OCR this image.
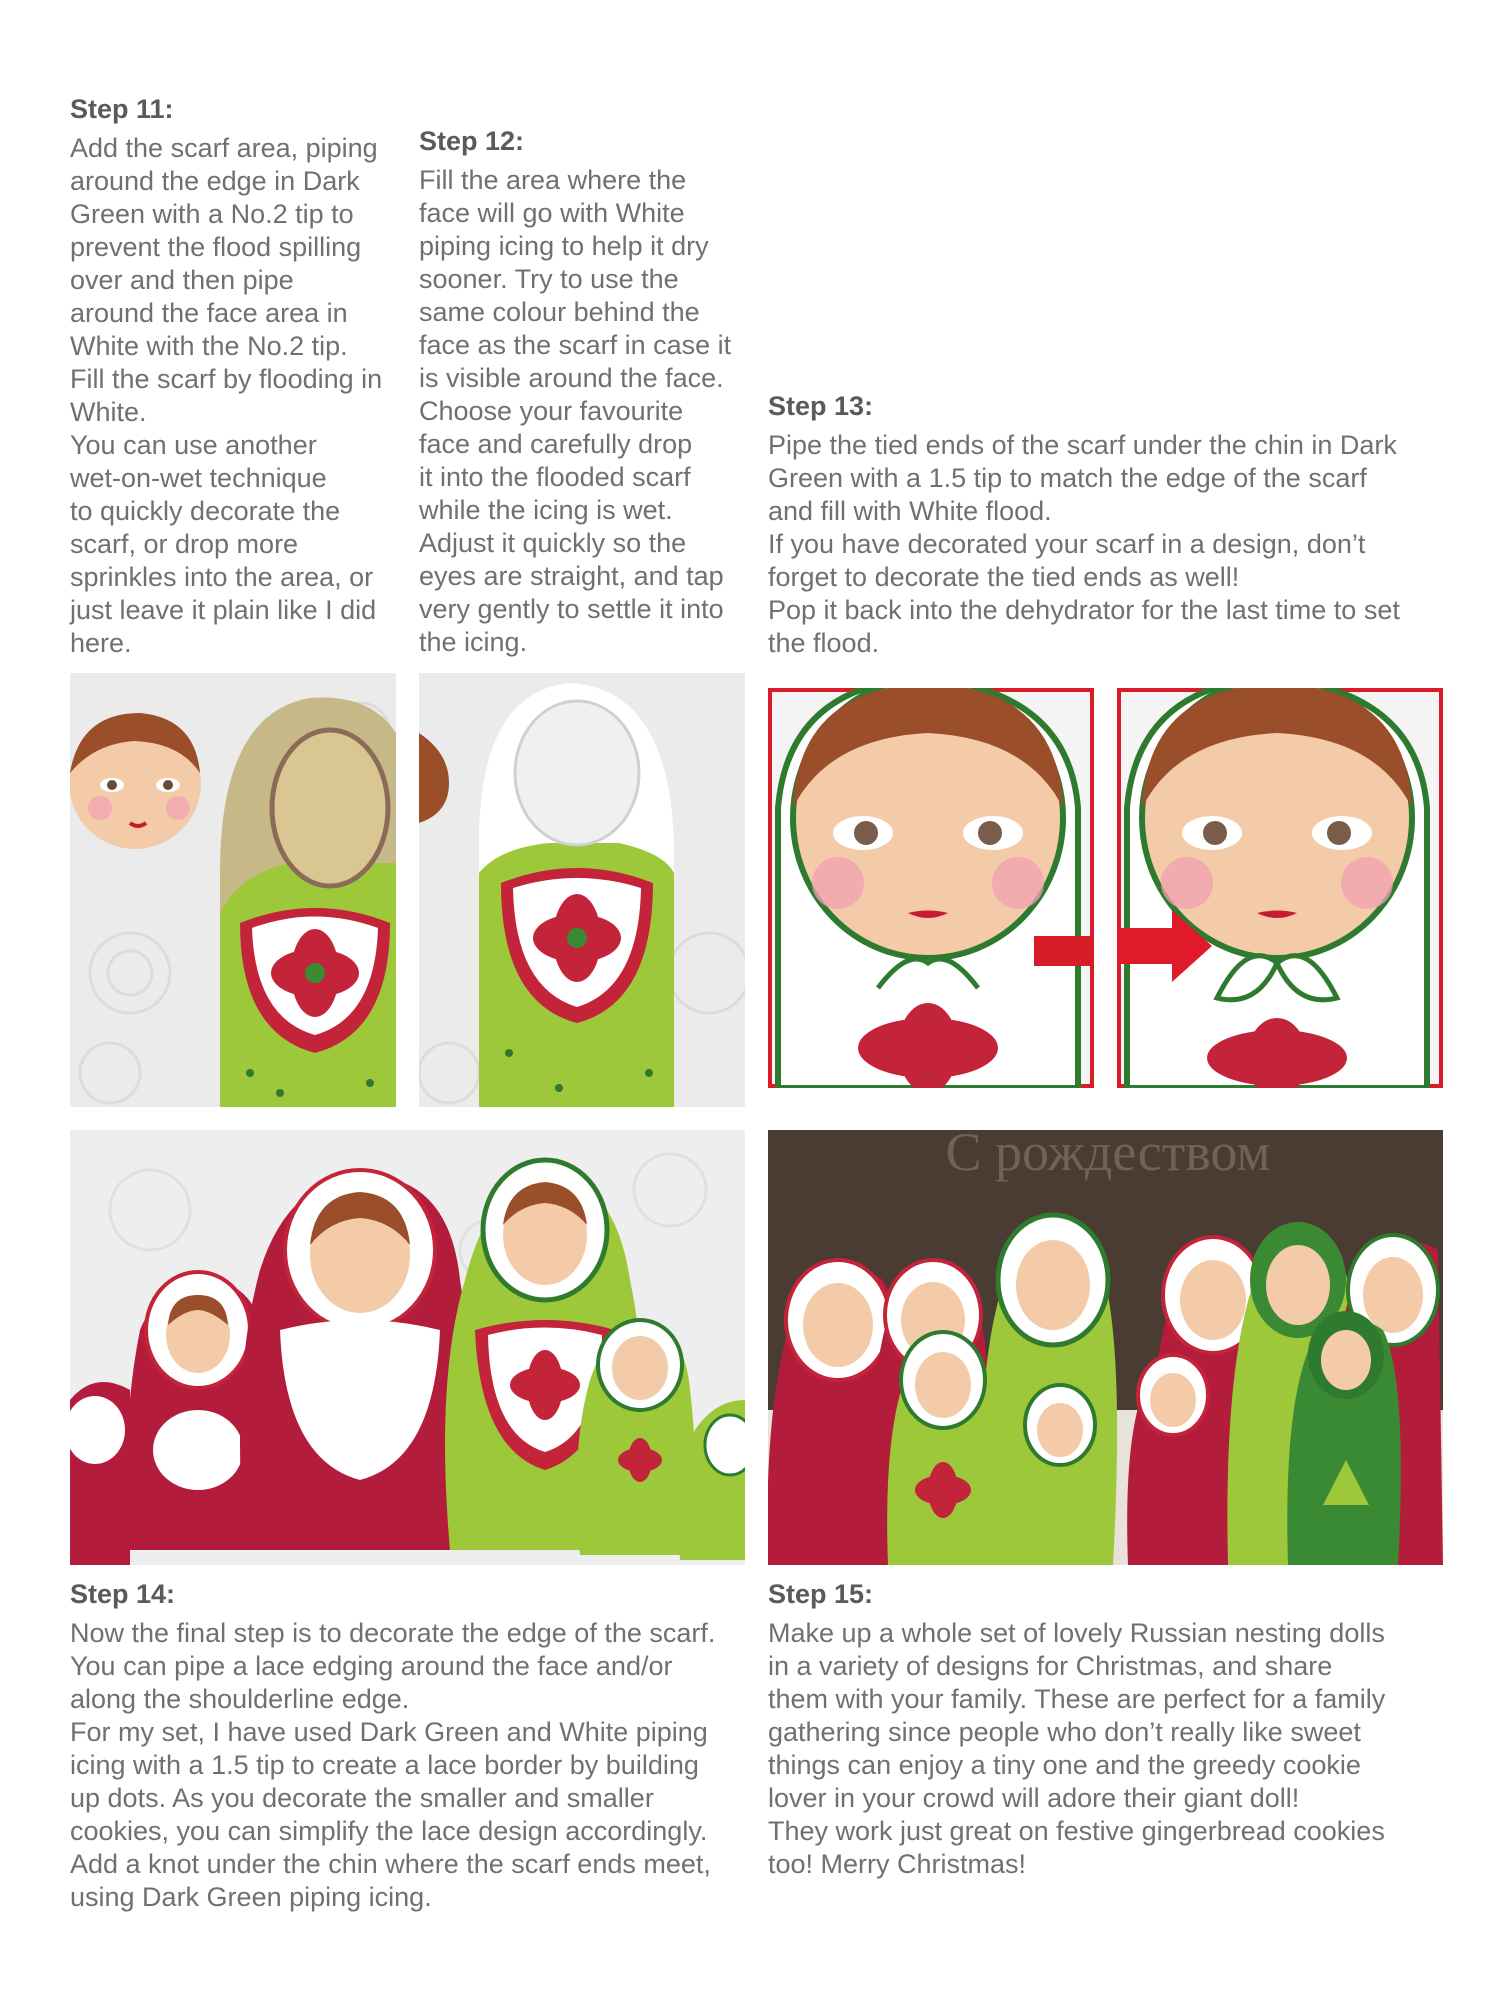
Step 11:

Add the scarf area, piping
around the edge in Dark
Green with a No.2 tip to
prevent the flood spilling
over and then pipe
around the face area in
White with the No.2 tip.
Fill the scarf by flooding in
White.
You can use another
wet-on-wet technique
to quickly decorate the
scarf, or drop more
sprinkles into the area, or
just leave it plain like I did
here.

Step 12:

Fill the area where the
face will go with White
piping icing to help it dry
sooner. Try to use the
same colour behind the
face as the scarf in case it
is visible around the face.
Choose your favourite
face and carefully drop
it into the flooded scarf
while the icing is wet.
Adjust it quickly so the
eyes are straight, and tap
very gently to settle it into
the icing.

Step 13:

Pipe the tied ends of the scarf under the chin in Dark
Green with a 1.5 tip to match the edge of the scarf
and fill with White flood.
If you have decorated your scarf in a design, don’t
forget to decorate the tied ends as well!
Pop it back into the dehydrator for the last time to set
the flood.

С рождеством
Step 14:

Now the final step is to decorate the edge of the scarf.
You can pipe a lace edging around the face and/or
along the shoulderline edge.
For my set, I have used Dark Green and White piping
icing with a 1.5 tip to create a lace border by building
up dots. As you decorate the smaller and smaller
cookies, you can simplify the lace design accordingly.
Add a knot under the chin where the scarf ends meet,
using Dark Green piping icing.

Step 15:

Make up a whole set of lovely Russian nesting dolls
in a variety of designs for Christmas, and share
them with your family. These are perfect for a family
gathering since people who don’t really like sweet
things can enjoy a tiny one and the greedy cookie
lover in your crowd will adore their giant doll!
They work just great on festive gingerbread cookies
too! Merry Christmas!
